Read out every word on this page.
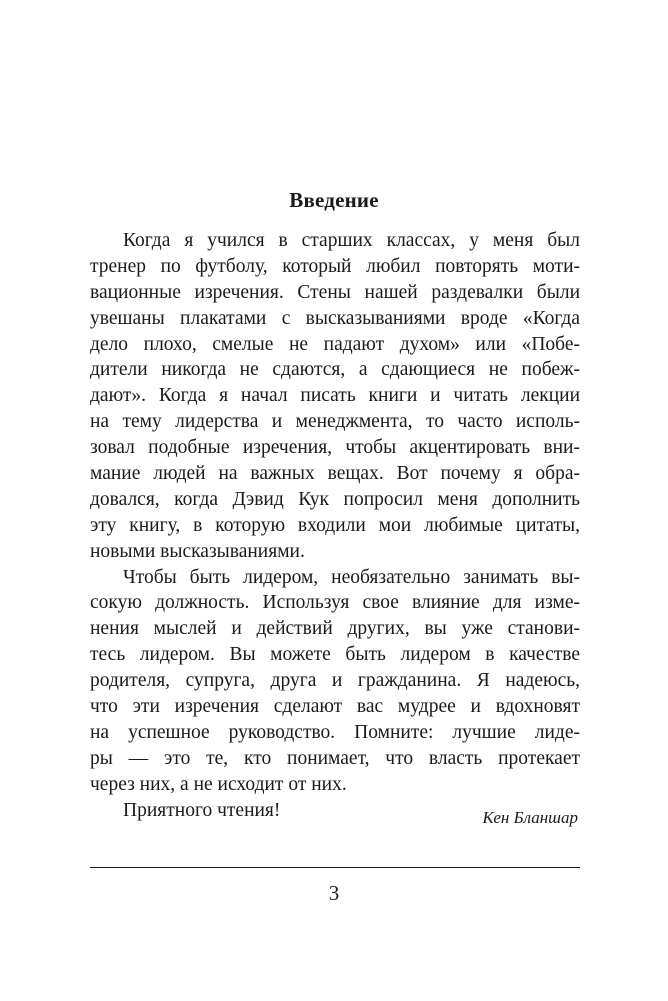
Введение
Когда я учился в старших классах, у меня был
тренер по футболу, который любил повторять моти-
вационные изречения. Стены нашей раздевалки были
увешаны плакатами с высказываниями вроде «Когда
дело плохо, смелые не падают духом» или «Побе-
дители никогда не сдаются, а сдающиеся не побеж-
дают». Когда я начал писать книги и читать лекции
на тему лидерства и менеджмента, то часто исполь-
зовал подобные изречения, чтобы акцентировать вни-
мание людей на важных вещах. Вот почему я обра-
довался, когда Дэвид Кук попросил меня дополнить
эту книгу, в которую входили мои любимые цитаты,
новыми высказываниями.
Чтобы быть лидером, необязательно занимать вы-
сокую должность. Используя свое влияние для изме-
нения мыслей и действий других, вы уже станови-
тесь лидером. Вы можете быть лидером в качестве
родителя, супруга, друга и гражданина. Я надеюсь,
что эти изречения сделают вас мудрее и вдохновят
на успешное руководство. Помните: лучшие лиде-
ры — это те, кто понимает, что власть протекает
через них, а не исходит от них.
Приятного чтения!	Кен Бланшар
3
